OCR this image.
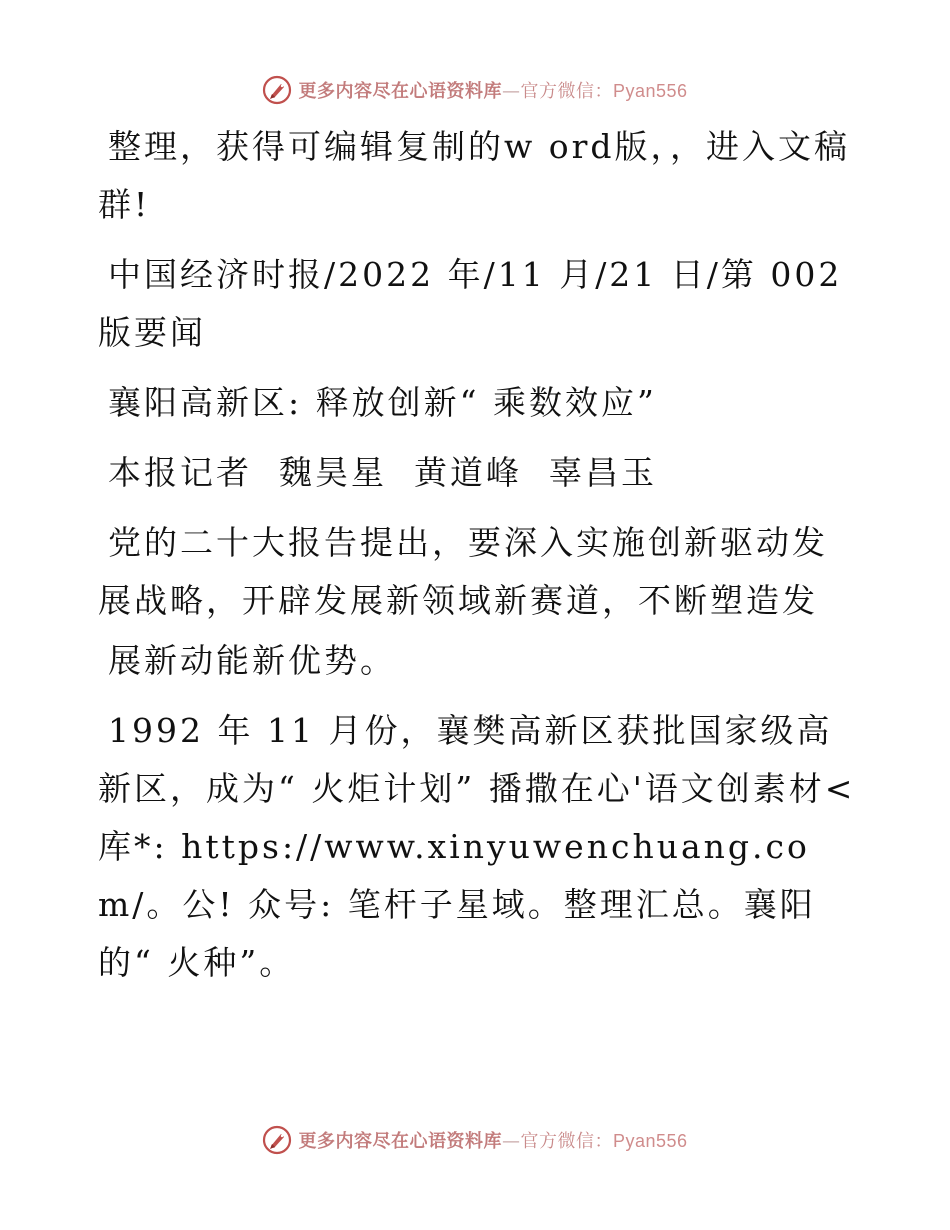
更多内容尽在心语资料库—官方微信：Pyan556

整理，获得可编辑复制的w ord版，，进入文稿群!

中国经济时报/2022 年/11 月/21 日/第 002 版要闻

襄阳高新区: 释放创新“ 乘数效应”

本报记者  魏昊星  黄道峰  辜昌玉

党的二十大报告提出，要深入实施创新驱动发展战略，开辟发展新领域新赛道，不断塑造发

展新动能新优势。

1992 年 11 月份，襄樊高新区获批国家级高新区，成为“ 火炬计划” 播撒在心'语文创素材<库*: https://www.xinyuwenchuang.com/。公! 众号: 笔杆子星域。整理汇总。襄阳的“ 火种”。

更多内容尽在心语资料库—官方微信：Pyan556
